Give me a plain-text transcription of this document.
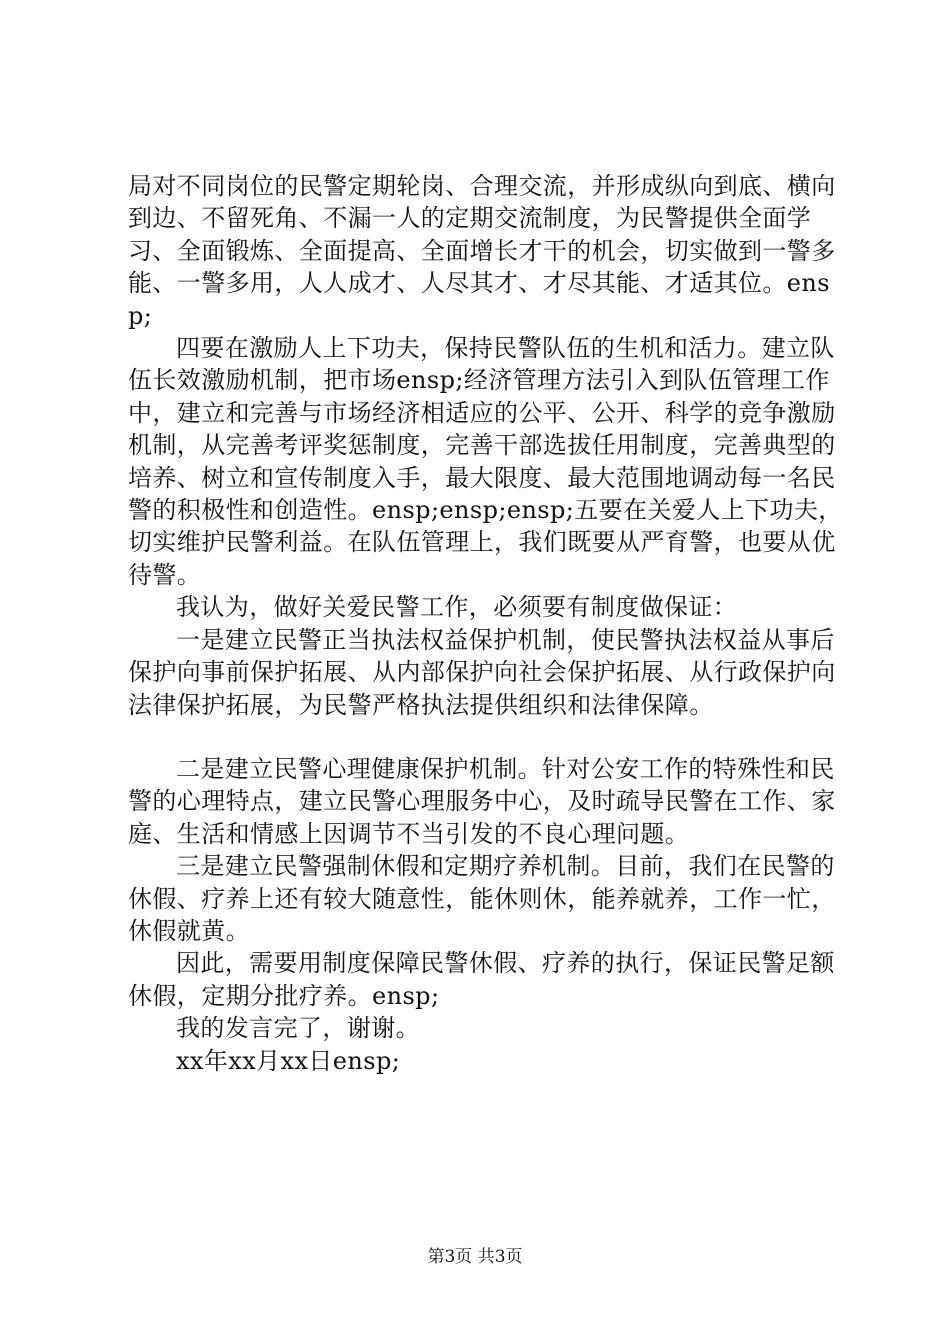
局对不同岗位的民警定期轮岗、合理交流，并形成纵向到底、横向到边、不留死角、不漏一人的定期交流制度，为民警提供全面学习、全面锻炼、全面提高、全面增长才干的机会，切实做到一警多能、一警多用，人人成才、人尽其才、才尽其能、才适其位。ensp;

四要在激励人上下功夫，保持民警队伍的生机和活力。建立队伍长效激励机制，把市场ensp;经济管理方法引入到队伍管理工作中，建立和完善与市场经济相适应的公平、公开、科学的竞争激励机制，从完善考评奖惩制度，完善干部选拔任用制度，完善典型的培养、树立和宣传制度入手，最大限度、最大范围地调动每一名民警的积极性和创造性。ensp;ensp;ensp;五要在关爱人上下功夫，切实维护民警利益。在队伍管理上，我们既要从严育警，也要从优待警。

我认为，做好关爱民警工作，必须要有制度做保证：

一是建立民警正当执法权益保护机制，使民警执法权益从事后保护向事前保护拓展、从内部保护向社会保护拓展、从行政保护向法律保护拓展，为民警严格执法提供组织和法律保障。

二是建立民警心理健康保护机制。针对公安工作的特殊性和民警的心理特点，建立民警心理服务中心，及时疏导民警在工作、家庭、生活和情感上因调节不当引发的不良心理问题。

三是建立民警强制休假和定期疗养机制。目前，我们在民警的休假、疗养上还有较大随意性，能休则休，能养就养，工作一忙，休假就黄。

因此，需要用制度保障民警休假、疗养的执行，保证民警足额休假，定期分批疗养。ensp;

我的发言完了，谢谢。

xx年xx月xx日ensp;

第3页 共3页
